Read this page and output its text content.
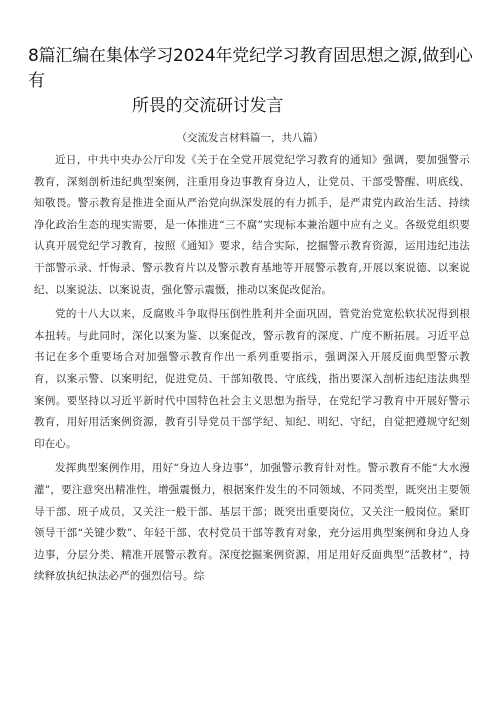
8篇汇编在集体学习2024年党纪学习教育固思想之源,做到心有
所畏的交流研讨发言

（交流发言材料篇一，共八篇）

近日，中共中央办公厅印发《关于在全党开展党纪学习教育的通知》强调，要加强警示教育，深刻剖析违纪典型案例，注重用身边事教育身边人，让党员、干部受警醒、明底线、知敬畏。警示教育是推进全面从严治党向纵深发展的有力抓手，是严肃党内政治生活、持续净化政治生态的现实需要，是一体推进“三不腐”实现标本兼治题中应有之义。各级党组织要认真开展党纪学习教育，按照《通知》要求，结合实际，挖掘警示教育资源，运用违纪违法干部警示录、忏悔录、警示教育片以及警示教育基地等开展警示教育,开展以案说德、以案说纪、以案说法、以案说责，强化警示震慑，推动以案促改促治。

党的十八大以来，反腐败斗争取得压倒性胜利并全面巩固，管党治党宽松软状况得到根本扭转。与此同时，深化以案为鉴、以案促改，警示教育的深度、广度不断拓展。习近平总书记在多个重要场合对加强警示教育作出一系列重要指示，强调深入开展反面典型警示教育，以案示警、以案明纪，促进党员、干部知敬畏、守底线，指出要深入剖析违纪违法典型案例。要坚持以习近平新时代中国特色社会主义思想为指导，在党纪学习教育中开展好警示教育，用好用活案例资源，教育引导党员干部学纪、知纪、明纪、守纪，自觉把遵规守纪刻印在心。

发挥典型案例作用，用好“身边人身边事”，加强警示教育针对性。警示教育不能“大水漫灌”，要注意突出精准性，增强震慑力，根据案件发生的不同领域、不同类型，既突出主要领导干部、班子成员，又关注一般干部、基层干部；既突出重要岗位，又关注一般岗位。紧盯领导干部“关键少数”、年轻干部、农村党员干部等教育对象，充分运用典型案例和身边人身边事，分层分类、精准开展警示教育。深度挖掘案例资源，用足用好反面典型”活教材”，持续释放执纪执法必严的强烈信号。综
